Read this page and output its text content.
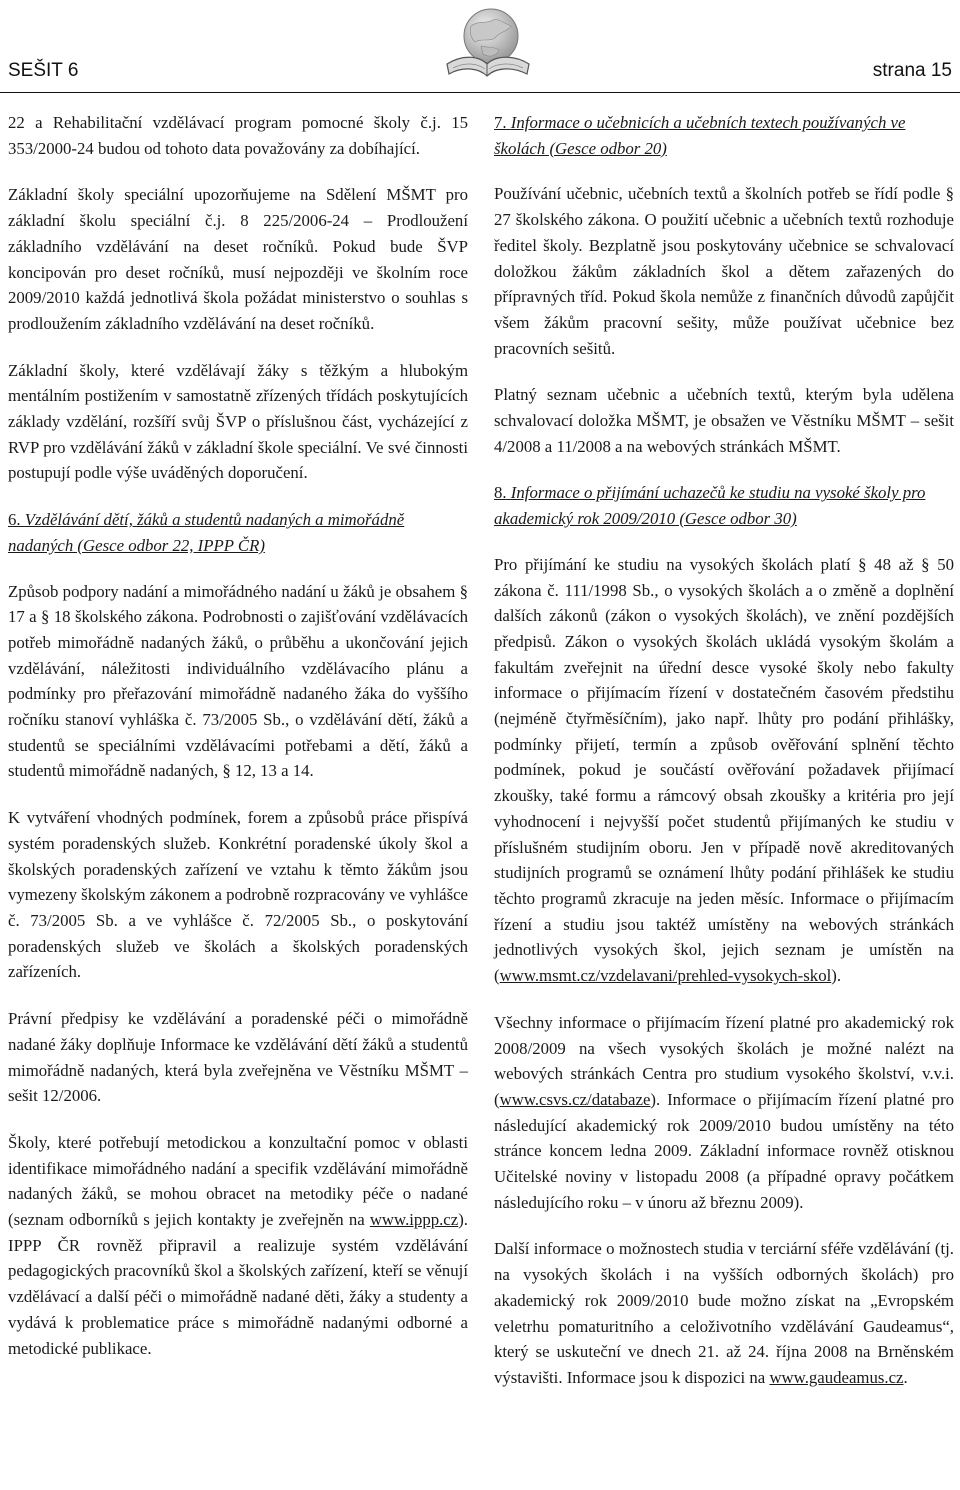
SEŠIT 6	strana 15

22 a Rehabilitační vzdělávací program pomocné školy č.j. 15 353/2000-24 budou od tohoto data považovány za dobíhající.

Základní školy speciální upozorňujeme na Sdělení MŠMT pro základní školu speciální č.j. 8 225/2006-24 – Prodloužení základního vzdělávání na deset ročníků. Pokud bude ŠVP koncipován pro deset ročníků, musí nejpozději ve školním roce 2009/2010 každá jednotlivá škola požádat ministerstvo o souhlas s prodloužením základního vzdělávání na deset ročníků.

Základní školy, které vzdělávají žáky s těžkým a hlubokým mentálním postižením v samostatně zřízených třídách poskytujících základy vzdělání, rozšíří svůj ŠVP o příslušnou část, vycházející z RVP pro vzdělávání žáků v základní škole speciální. Ve své činnosti postupují podle výše uváděných doporučení.

6. Vzdělávání dětí, žáků a studentů nadaných a mimořádně nadaných (Gesce odbor 22, IPPP ČR)

Způsob podpory nadání a mimořádného nadání u žáků je obsahem § 17 a § 18 školského zákona. Podrobnosti o zajišťování vzdělávacích potřeb mimořádně nadaných žáků, o průběhu a ukončování jejich vzdělávání, náležitosti individuálního vzdělávacího plánu a podmínky pro přeřazování mimořádně nadaného žáka do vyššího ročníku stanoví vyhláška č. 73/2005 Sb., o vzdělávání dětí, žáků a studentů se speciálními vzdělávacími potřebami a dětí, žáků a studentů mimořádně nadaných, § 12, 13 a 14.

K vytváření vhodných podmínek, forem a způsobů práce přispívá systém poradenských služeb. Konkrétní poradenské úkoly škol a školských poradenských zařízení ve vztahu k těmto žákům jsou vymezeny školským zákonem a podrobně rozpracovány ve vyhlášce č. 73/2005 Sb. a ve vyhlášce č. 72/2005 Sb., o poskytování poradenských služeb ve školách a školských poradenských zařízeních.

Právní předpisy ke vzdělávání a poradenské péči o mimořádně nadané žáky doplňuje Informace ke vzdělávání dětí žáků a studentů mimořádně nadaných, která byla zveřejněna ve Věstníku MŠMT – sešit 12/2006.

Školy, které potřebují metodickou a konzultační pomoc v oblasti identifikace mimořádného nadání a specifik vzdělávání mimořádně nadaných žáků, se mohou obracet na metodiky péče o nadané (seznam odborníků s jejich kontakty je zveřejněn na www.ippp.cz). IPPP ČR rovněž připravil a realizuje systém vzdělávání pedagogických pracovníků škol a školských zařízení, kteří se věnují vzdělávací a další péči o mimořádně nadané děti, žáky a studenty a vydává k problematice práce s mimořádně nadanými odborné a metodické publikace.

7. Informace o učebnicích a učebních textech používaných ve školách (Gesce odbor 20)

Používání učebnic, učebních textů a školních potřeb se řídí podle § 27 školského zákona. O použití učebnic a učebních textů rozhoduje ředitel školy. Bezplatně jsou poskytovány učebnice se schvalovací doložkou žákům základních škol a dětem zařazených do přípravných tříd. Pokud škola nemůže z finančních důvodů zapůjčit všem žákům pracovní sešity, může používat učebnice bez pracovních sešitů.

Platný seznam učebnic a učebních textů, kterým byla udělena schvalovací doložka MŠMT, je obsažen ve Věstníku MŠMT – sešit 4/2008 a 11/2008 a na webových stránkách MŠMT.

8. Informace o přijímání uchazečů ke studiu na vysoké školy pro akademický rok 2009/2010 (Gesce odbor 30)

Pro přijímání ke studiu na vysokých školách platí § 48 až § 50 zákona č. 111/1998 Sb., o vysokých školách a o změně a doplnění dalších zákonů (zákon o vysokých školách), ve znění pozdějších předpisů. Zákon o vysokých školách ukládá vysokým školám a fakultám zveřejnit na úřední desce vysoké školy nebo fakulty informace o přijímacím řízení v dostatečném časovém předstihu (nejméně čtyřměsíčním), jako např. lhůty pro podání přihlášky, podmínky přijetí, termín a způsob ověřování splnění těchto podmínek, pokud je součástí ověřování požadavek přijímací zkoušky, také formu a rámcový obsah zkoušky a kritéria pro její vyhodnocení i nejvyšší počet studentů přijímaných ke studiu v příslušném studijním oboru. Jen v případě nově akreditovaných studijních programů se oznámení lhůty podání přihlášek ke studiu těchto programů zkracuje na jeden měsíc. Informace o přijímacím řízení a studiu jsou taktéž umístěny na webových stránkách jednotlivých vysokých škol, jejich seznam je umístěn na (www.msmt.cz/vzdelavani/prehled-vysokych-skol).

Všechny informace o přijímacím řízení platné pro akademický rok 2008/2009 na všech vysokých školách je možné nalézt na webových stránkách Centra pro studium vysokého školství, v.v.i. (www.csvs.cz/databaze). Informace o přijímacím řízení platné pro následující akademický rok 2009/2010 budou umístěny na této stránce koncem ledna 2009. Základní informace rovněž otisknou Učitelské noviny v listopadu 2008 (a případné opravy počátkem následujícího roku – v únoru až březnu 2009).

Další informace o možnostech studia v terciární sféře vzdělávání (tj. na vysokých školách i na vyšších odborných školách) pro akademický rok 2009/2010 bude možno získat na „Evropském veletrhu pomaturitního a celoživotního vzdělávání Gaudeamus“, který se uskuteční ve dnech 21. až 24. října 2008 na Brněnském výstavišti. Informace jsou k dispozici na www.gaudeamus.cz.
